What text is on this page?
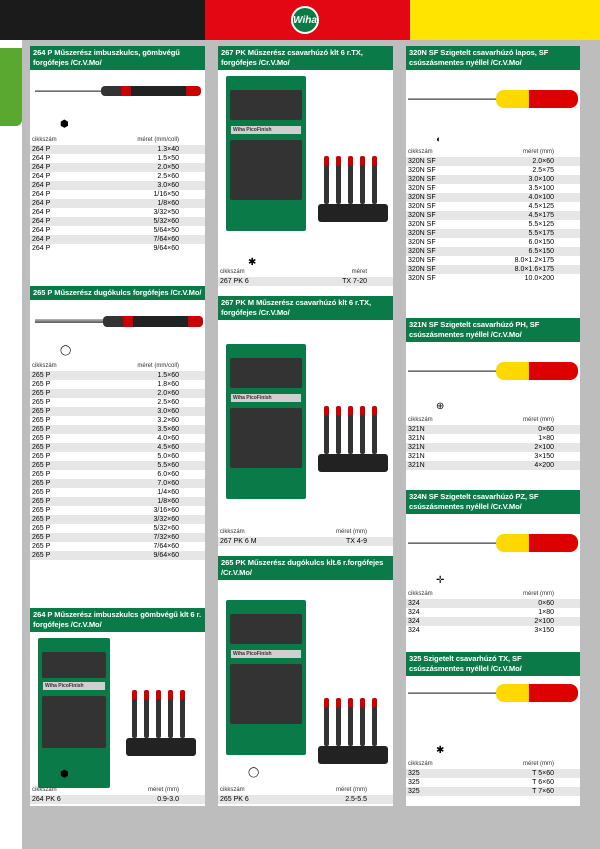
Wiha
264 P Műszerész imbuszkulcs, gömbvégű forgófejes /Cr.V.Mo/
⬢
cikkszám	méret (mm/coll)
264 P	1.3×40
264 P	1.5×50
264 P	2.0×50
264 P	2.5×60
264 P	3.0×60
264 P	1/16×50
264 P	1/8×60
264 P	3/32×50
264 P	5/32×60
264 P	5/64×50
264 P	7/64×60
264 P	9/64×60
265 P Műszerész dugókulcs forgófejes /Cr.V.Mo/
◯
cikkszám	méret (mm/coll)
265 P	1.5×60
265 P	1.8×60
265 P	2.0×60
265 P	2.5×60
265 P	3.0×60
265 P	3.2×60
265 P	3.5×60
265 P	4.0×60
265 P	4.5×60
265 P	5.0×60
265 P	5.5×60
265 P	6.0×60
265 P	7.0×60
265 P	1/4×60
265 P	1/8×60
265 P	3/16×60
265 P	3/32×60
265 P	5/32×60
265 P	7/32×60
265 P	7/64×60
265 P	9/64×60
264 P Műszerész imbuszkulcs gömbvégű klt 6 r. forgófejes /Cr.V.Mo/
Wiha PicoFinish
⬢
cikkszám	méret (mm)
264 PK 6	0.9-3.0
267 PK Műszerész csavarhúzó klt 6 r.TX, forgófejes /Cr.V.Mo/
Wiha PicoFinish
✱
cikkszám	méret
267 PK 6	TX 7-20
267 PK M Műszerész csavarhúzó klt 6 r.TX, forgófejes /Cr.V.Mo/
Wiha PicoFinish
cikkszám	méret (mm)
267 PK 6 M	TX 4-9
265 PK Műszerész dugókulcs klt.6 r.forgófejes /Cr.V.Mo/
Wiha PicoFinish
◯
cikkszám	méret (mm)
265 PK 6	2.5-5.5
320N SF Szigetelt csavarhúzó lapos, SF csúszásmentes nyéllel /Cr.V.Mo/
◐
cikkszám	méret (mm)
320N SF	2.0×60
320N SF	2.5×75
320N SF	3.0×100
320N SF	3.5×100
320N SF	4.0×100
320N SF	4.5×125
320N SF	4.5×175
320N SF	5.5×125
320N SF	5.5×175
320N SF	6.0×150
320N SF	6.5×150
320N SF	8.0×1.2×175
320N SF	8.0×1.6×175
320N SF	10.0×200
321N SF Szigetelt csavarhúzó PH, SF csúszásmentes nyéllel /Cr.V.Mo/
⊕
cikkszám	méret (mm)
321N	0×60
321N	1×80
321N	2×100
321N	3×150
321N	4×200
324N SF Szigetelt csavarhúzó PZ, SF csúszásmentes nyéllel /Cr.V.Mo/
✛
cikkszám	méret (mm)
324	0×60
324	1×80
324	2×100
324	3×150
325 Szigetelt csavarhúzó TX, SF csúszásmentes nyéllel /Cr.V.Mo/
✱
cikkszám	méret (mm)
325	T 5×60
325	T 6×60
325	T 7×60
